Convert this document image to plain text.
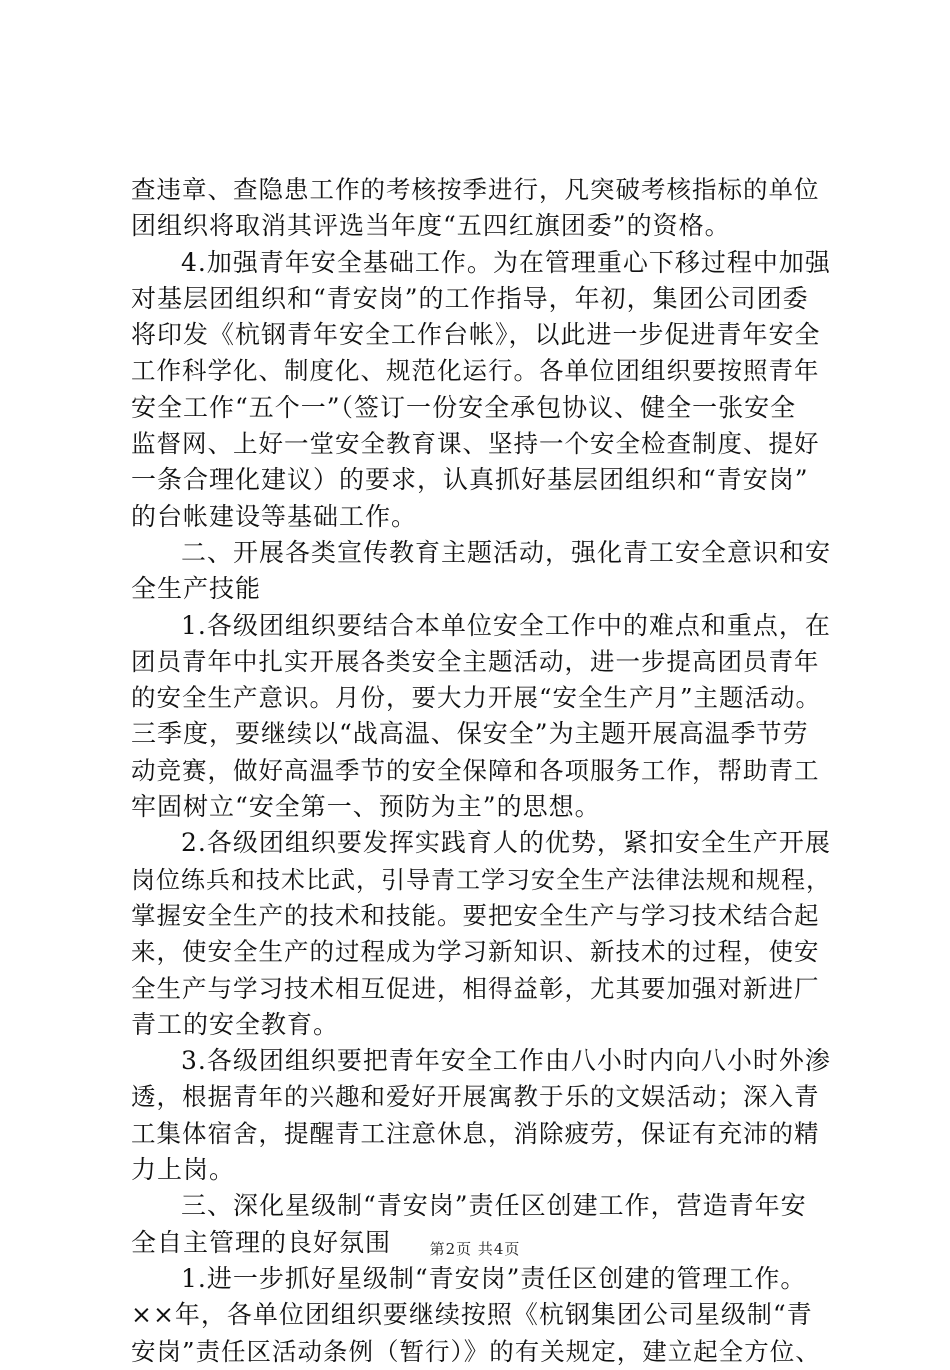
查违章、查隐患工作的考核按季进行，凡突破考核指标的单位
团组织将取消其评选当年度“五四红旗团委”的资格。
4.加强青年安全基础工作。为在管理重心下移过程中加强
对基层团组织和“青安岗”的工作指导，年初，集团公司团委
将印发《杭钢青年安全工作台帐》，以此进一步促进青年安全
工作科学化、制度化、规范化运行。各单位团组织要按照青年
安全工作“五个一”（签订一份安全承包协议、健全一张安全
监督网、上好一堂安全教育课、坚持一个安全检查制度、提好
一条合理化建议）的要求，认真抓好基层团组织和“青安岗”
的台帐建设等基础工作。
二、开展各类宣传教育主题活动，强化青工安全意识和安
全生产技能
1.各级团组织要结合本单位安全工作中的难点和重点，在
团员青年中扎实开展各类安全主题活动，进一步提高团员青年
的安全生产意识。月份，要大力开展“安全生产月”主题活动。
三季度，要继续以“战高温、保安全”为主题开展高温季节劳
动竞赛，做好高温季节的安全保障和各项服务工作，帮助青工
牢固树立“安全第一、预防为主”的思想。
2.各级团组织要发挥实践育人的优势，紧扣安全生产开展
岗位练兵和技术比武，引导青工学习安全生产法律法规和规程，
掌握安全生产的技术和技能。要把安全生产与学习技术结合起
来，使安全生产的过程成为学习新知识、新技术的过程，使安
全生产与学习技术相互促进，相得益彰，尤其要加强对新进厂
青工的安全教育。
3.各级团组织要把青年安全工作由八小时内向八小时外渗
透，根据青年的兴趣和爱好开展寓教于乐的文娱活动；深入青
工集体宿舍，提醒青工注意休息，消除疲劳，保证有充沛的精
力上岗。
三、深化星级制“青安岗”责任区创建工作，营造青年安
全自主管理的良好氛围
1.进一步抓好星级制“青安岗”责任区创建的管理工作。
××年，各单位团组织要继续按照《杭钢集团公司星级制“青
安岗”责任区活动条例（暂行）》的有关规定，建立起全方位、
第2页 共4页
